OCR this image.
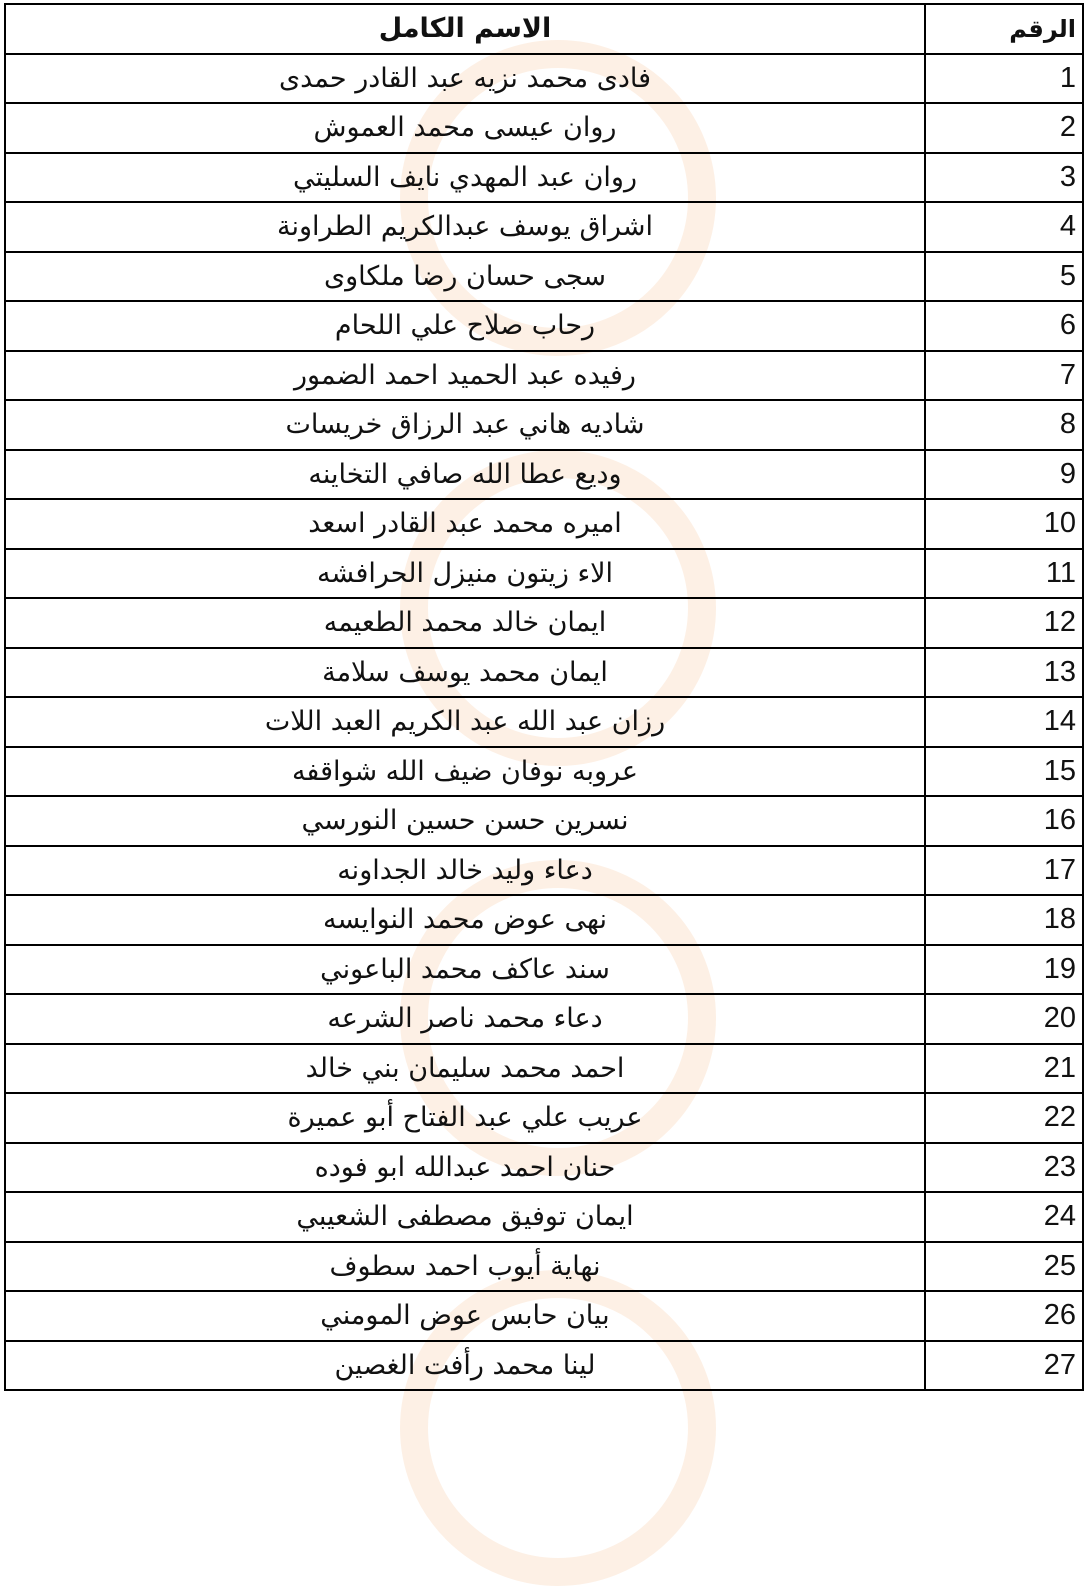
الرقم	الاسم الكامل
1	فادى محمد نزيه عبد القادر حمدى
2	روان عيسى محمد العموش
3	روان عبد المهدي نايف السليتي
4	اشراق يوسف عبدالكريم الطراونة
5	سجى حسان رضا ملكاوى
6	رحاب صلاح علي اللحام
7	رفيده عبد الحميد احمد الضمور
8	شاديه هاني عبد الرزاق خريسات
9	وديع عطا الله صافي التخاينه
10	اميره محمد عبد القادر اسعد
11	الاء زيتون منيزل الحرافشه
12	ايمان خالد محمد الطعيمه
13	ايمان محمد يوسف سلامة
14	رزان عبد الله عبد الكريم العبد اللات
15	عروبه نوفان ضيف الله شواقفه
16	نسرين حسن حسين النورسي
17	دعاء وليد خالد الجداونه
18	نهى عوض محمد النوايسه
19	سند عاكف محمد الباعوني
20	دعاء محمد ناصر الشرعه
21	احمد محمد سليمان بني خالد
22	عريب علي عبد الفتاح أبو عميرة
23	حنان احمد عبدالله ابو فوده
24	ايمان توفيق مصطفى الشعيبي
25	نهاية أيوب احمد سطوف
26	بيان حابس عوض المومني
27	لينا محمد رأفت الغصين
